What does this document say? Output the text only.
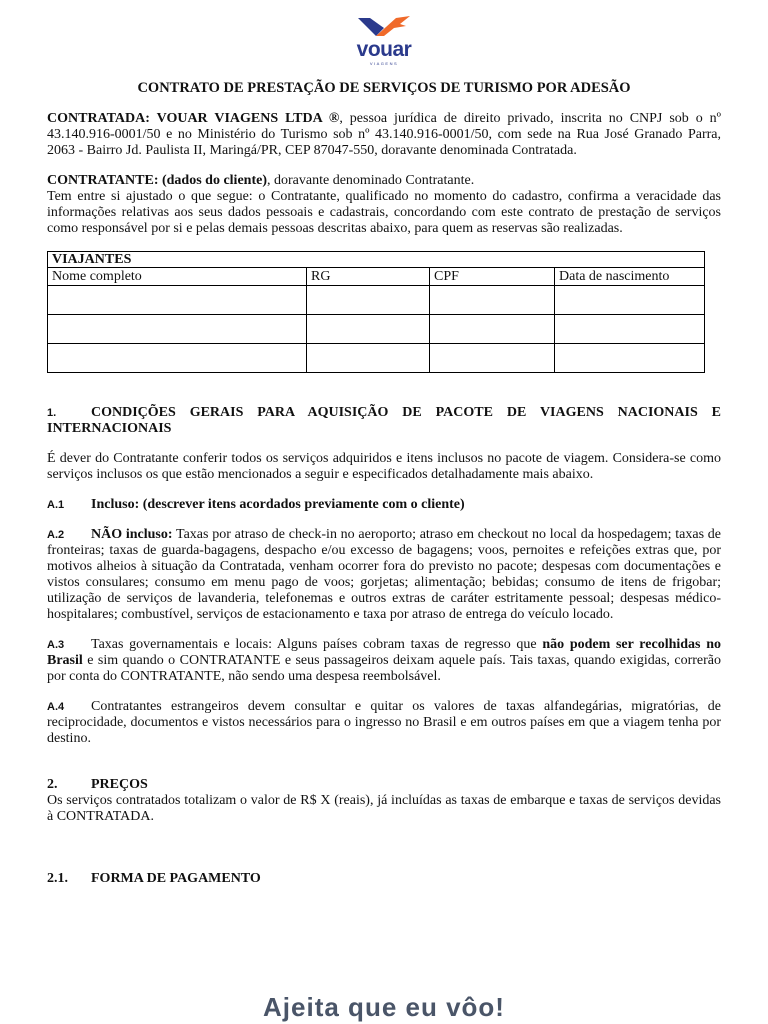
vouar
VIAGENS
CONTRATO DE PRESTAÇÃO DE SERVIÇOS DE TURISMO POR ADESÃO

CONTRATADA: VOUAR VIAGENS LTDA ®, pessoa jurídica de direito privado, inscrita no CNPJ sob o nº 43.140.916-0001/50 e no Ministério do Turismo sob nº 43.140.916-0001/50, com sede na Rua José Granado Parra, 2063 - Bairro Jd. Paulista II, Maringá/PR, CEP 87047-550, doravante denominada Contratada.

CONTRATANTE: (dados do cliente), doravante denominado Contratante.

Tem entre si ajustado o que segue: o Contratante, qualificado no momento do cadastro, confirma a veracidade das informações relativas aos seus dados pessoais e cadastrais, concordando com este contrato de prestação de serviços como responsável por si e pelas demais pessoas descritas abaixo, para quem as reservas são realizadas.

VIAJANTES			
Nome completo	RG	CPF	Data de nascimento

1. CONDIÇÕES GERAIS PARA AQUISIÇÃO DE PACOTE DE VIAGENS NACIONAIS E INTERNACIONAIS

É dever do Contratante conferir todos os serviços adquiridos e itens inclusos no pacote de viagem. Considera-se como serviços inclusos os que estão mencionados a seguir e especificados detalhadamente mais abaixo.

A.1 Incluso: (descrever itens acordados previamente com o cliente)

A.2 NÃO incluso: Taxas por atraso de check-in no aeroporto; atraso em checkout no local da hospedagem; taxas de fronteiras; taxas de guarda-bagagens, despacho e/ou excesso de bagagens; voos, pernoites e refeições extras que, por motivos alheios à situação da Contratada, venham ocorrer fora do previsto no pacote; despesas com documentações e vistos consulares; consumo em menu pago de voos; gorjetas; alimentação; bebidas; consumo de itens de frigobar; utilização de serviços de lavanderia, telefonemas e outros extras de caráter estritamente pessoal; despesas médico-hospitalares; combustível, serviços de estacionamento e taxa por atraso de entrega do veículo locado.

A.3 Taxas governamentais e locais: Alguns países cobram taxas de regresso que não podem ser recolhidas no Brasil e sim quando o CONTRATANTE e seus passageiros deixam aquele país. Tais taxas, quando exigidas, correrão por conta do CONTRATANTE, não sendo uma despesa reembolsável.

A.4 Contratantes estrangeiros devem consultar e quitar os valores de taxas alfandegárias, migratórias, de reciprocidade, documentos e vistos necessários para o ingresso no Brasil e em outros países em que a viagem tenha por destino.

2. PREÇOS

Os serviços contratados totalizam o valor de R$ X (reais), já incluídas as taxas de embarque e taxas de serviços devidas à CONTRATADA.

2.1. FORMA DE PAGAMENTO
Ajeita que eu vôo!
